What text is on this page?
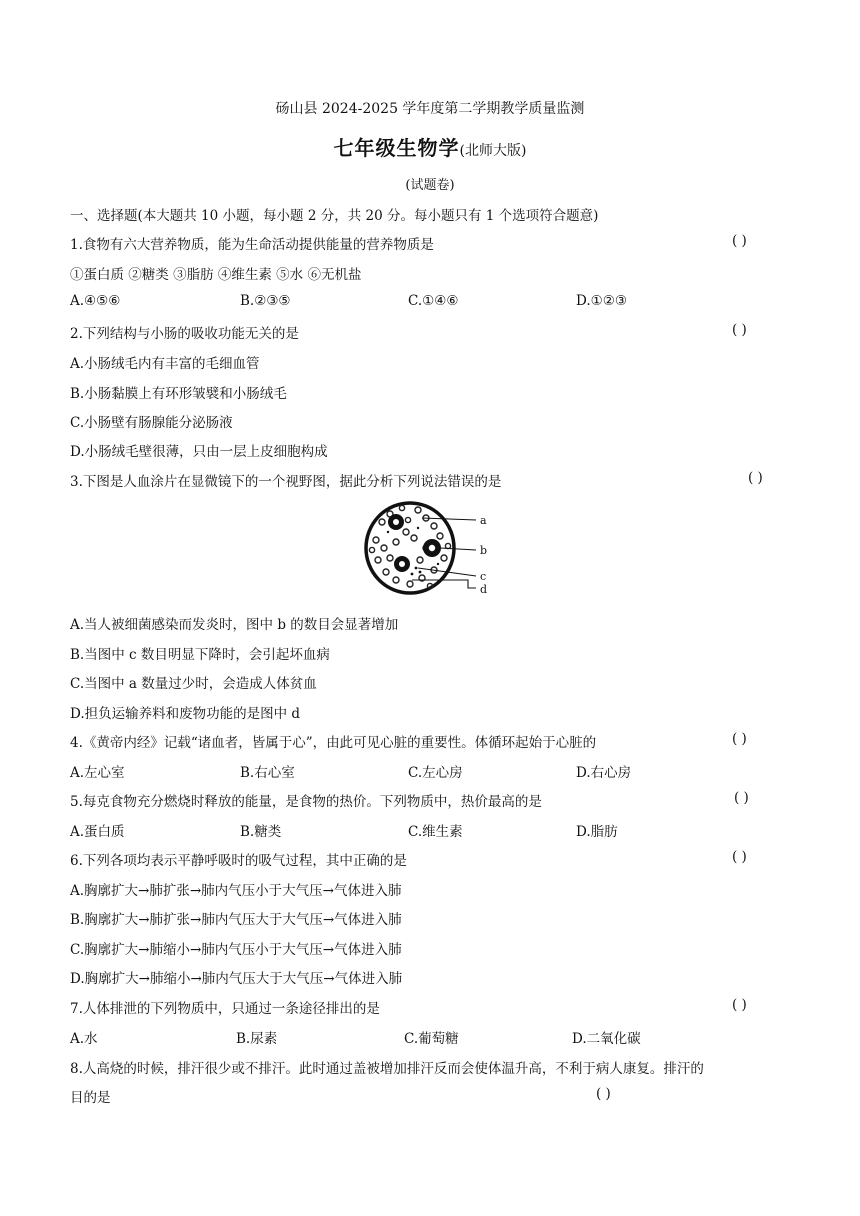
砀山县 2024-2025 学年度第二学期教学质量监测
七年级生物学(北师大版)
(试题卷)
一、选择题(本大题共 10 小题，每小题 2 分，共 20 分。每小题只有 1 个选项符合题意)
1.食物有六大营养物质，能为生命活动提供能量的营养物质是	( )
①蛋白质 ②糖类 ③脂肪 ④维生素 ⑤水 ⑥无机盐
A.④⑤⑥	B.②③⑤	C.①④⑥	D.①②③
2.下列结构与小肠的吸收功能无关的是	( )
A.小肠绒毛内有丰富的毛细血管
B.小肠黏膜上有环形皱襞和小肠绒毛
C.小肠壁有肠腺能分泌肠液
D.小肠绒毛壁很薄，只由一层上皮细胞构成
3.下图是人血涂片在显微镜下的一个视野图，据此分析下列说法错误的是	( )
a
b
c
d
A.当人被细菌感染而发炎时，图中 b 的数目会显著增加
B.当图中 c 数目明显下降时，会引起坏血病
C.当图中 a 数量过少时，会造成人体贫血
D.担负运输养料和废物功能的是图中 d
4.《黄帝内经》记载“诸血者，皆属于心”，由此可见心脏的重要性。体循环起始于心脏的	( )
A.左心室	B.右心室	C.左心房	D.右心房
5.每克食物充分燃烧时释放的能量，是食物的热价。下列物质中，热价最高的是	( )
A.蛋白质	B.糖类	C.维生素	D.脂肪
6.下列各项均表示平静呼吸时的吸气过程，其中正确的是	( )
A.胸廓扩大→肺扩张→肺内气压小于大气压→气体进入肺
B.胸廓扩大→肺扩张→肺内气压大于大气压→气体进入肺
C.胸廓扩大→肺缩小→肺内气压小于大气压→气体进入肺
D.胸廓扩大→肺缩小→肺内气压大于大气压→气体进入肺
7.人体排泄的下列物质中，只通过一条途径排出的是	( )
A.水	B.尿素	C.葡萄糖	D.二氧化碳
8.人高烧的时候，排汗很少或不排汗。此时通过盖被增加排汗反而会使体温升高，不利于病人康复。排汗的
目的是	( )
